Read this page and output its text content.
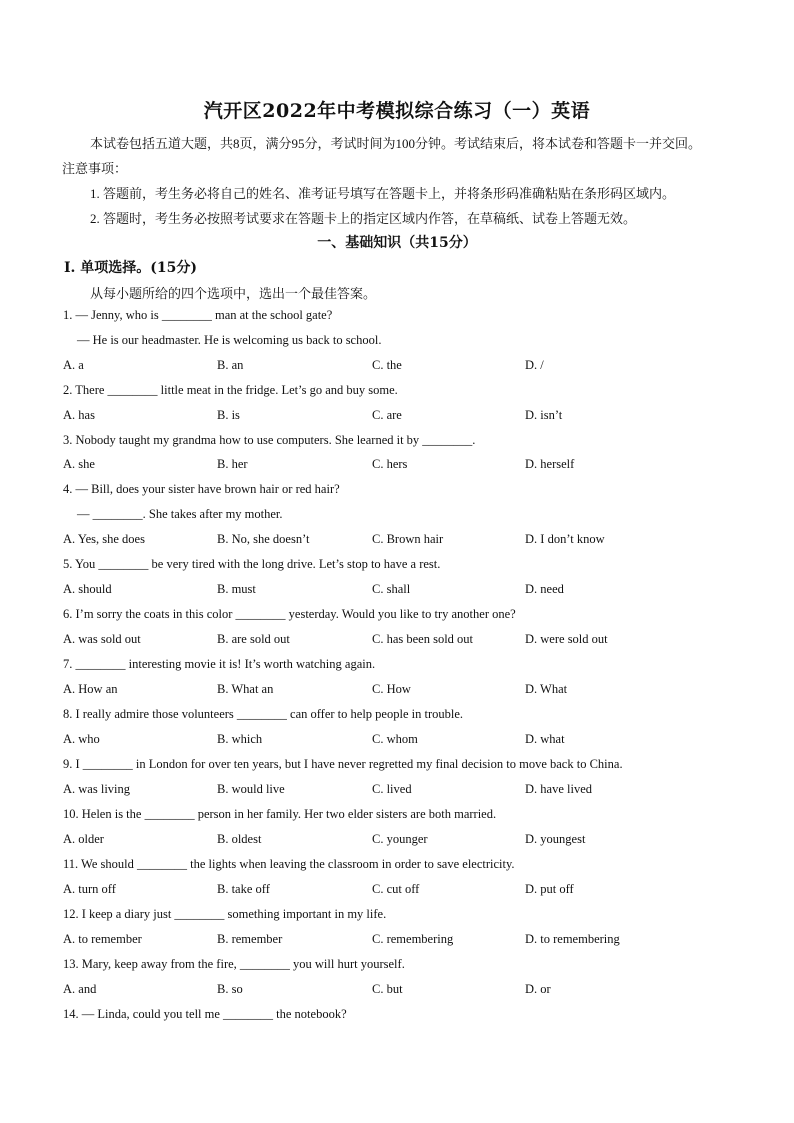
汽开区2022年中考模拟综合练习（一）英语
本试卷包括五道大题，共8页，满分95分，考试时间为100分钟。考试结束后，将本试卷和答题卡一并交回。
注意事项：
1. 答题前，考生务必将自己的姓名、准考证号填写在答题卡上，并将条形码准确粘贴在条形码区域内。
2. 答题时，考生务必按照考试要求在答题卡上的指定区域内作答，在草稿纸、试卷上答题无效。
一、基础知识（共15分）
Ⅰ. 单项选择。(15分)
从每小题所给的四个选项中，选出一个最佳答案。
1. — Jenny, who is ________ man at the school gate?
— He is our headmaster. He is welcoming us back to school.
A. a	B. an	C. the	D. /
2. There ________ little meat in the fridge. Let’s go and buy some.
A. has	B. is	C. are	D. isn’t
3. Nobody taught my grandma how to use computers. She learned it by ________.
A. she	B. her	C. hers	D. herself
4. — Bill, does your sister have brown hair or red hair?
— ________. She takes after my mother.
A. Yes, she does	B. No, she doesn’t	C. Brown hair	D. I don’t know
5. You ________ be very tired with the long drive. Let’s stop to have a rest.
A. should	B. must	C. shall	D. need
6. I’m sorry the coats in this color ________ yesterday. Would you like to try another one?
A. was sold out	B. are sold out	C. has been sold out	D. were sold out
7. ________ interesting movie it is! It’s worth watching again.
A. How an	B. What an	C. How	D. What
8. I really admire those volunteers ________ can offer to help people in trouble.
A. who	B. which	C. whom	D. what
9. I ________ in London for over ten years, but I have never regretted my final decision to move back to China.
A. was living	B. would live	C. lived	D. have lived
10. Helen is the ________ person in her family. Her two elder sisters are both married.
A. older	B. oldest	C. younger	D. youngest
11. We should ________ the lights when leaving the classroom in order to save electricity.
A. turn off	B. take off	C. cut off	D. put off
12. I keep a diary just ________ something important in my life.
A. to remember	B. remember	C. remembering	D. to remembering
13. Mary, keep away from the fire, ________ you will hurt yourself.
A. and	B. so	C. but	D. or
14. — Linda, could you tell me ________ the notebook?
